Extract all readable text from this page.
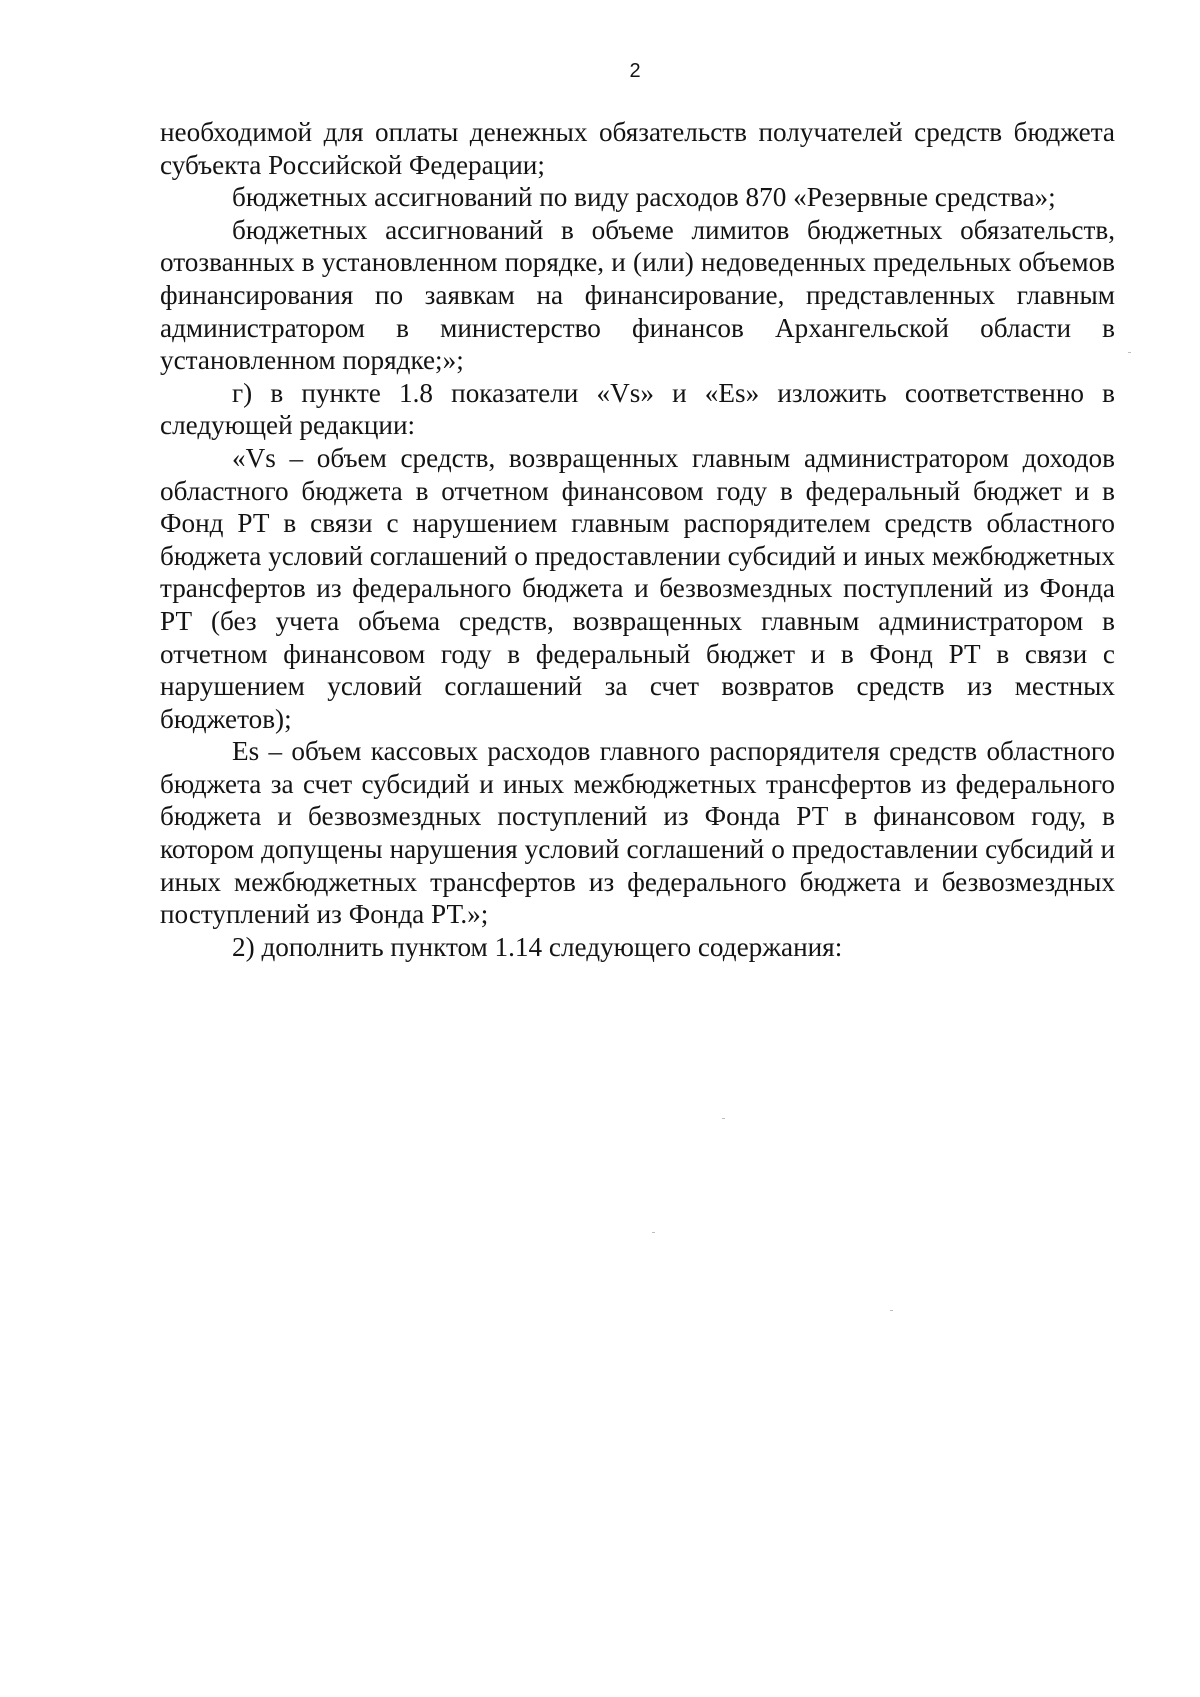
2

необходимой для оплаты денежных обязательств получателей средств бюджета субъекта Российской Федерации;

бюджетных ассигнований по виду расходов 870 «Резервные средства»;

бюджетных ассигнований в объеме лимитов бюджетных обязательств, отозванных в установленном порядке, и (или) недоведенных предельных объемов финансирования по заявкам на финансирование, представленных главным администратором в министерство финансов Архангельской области в установленном порядке;»;

г) в пункте 1.8 показатели «Vs» и «Es» изложить соответственно в следующей редакции:

«Vs – объем средств, возвращенных главным администратором доходов областного бюджета в отчетном финансовом году в федеральный бюджет и в Фонд РТ в связи с нарушением главным распорядителем средств областного бюджета условий соглашений о предоставлении субсидий и иных межбюджетных трансфертов из федерального бюджета и безвозмездных поступлений из Фонда РТ (без учета объема средств, возвращенных главным администратором в отчетном финансовом году в федеральный бюджет и в Фонд РТ в связи с нарушением условий соглашений за счет возвратов средств из местных бюджетов);

Es – объем кассовых расходов главного распорядителя средств областного бюджета за счет субсидий и иных межбюджетных трансфертов из федерального бюджета и безвозмездных поступлений из Фонда РТ в финансовом году, в котором допущены нарушения условий соглашений о предоставлении субсидий и иных межбюджетных трансфертов из федерального бюджета и безвозмездных поступлений из Фонда РТ.»;

2) дополнить пунктом 1.14 следующего содержания:
